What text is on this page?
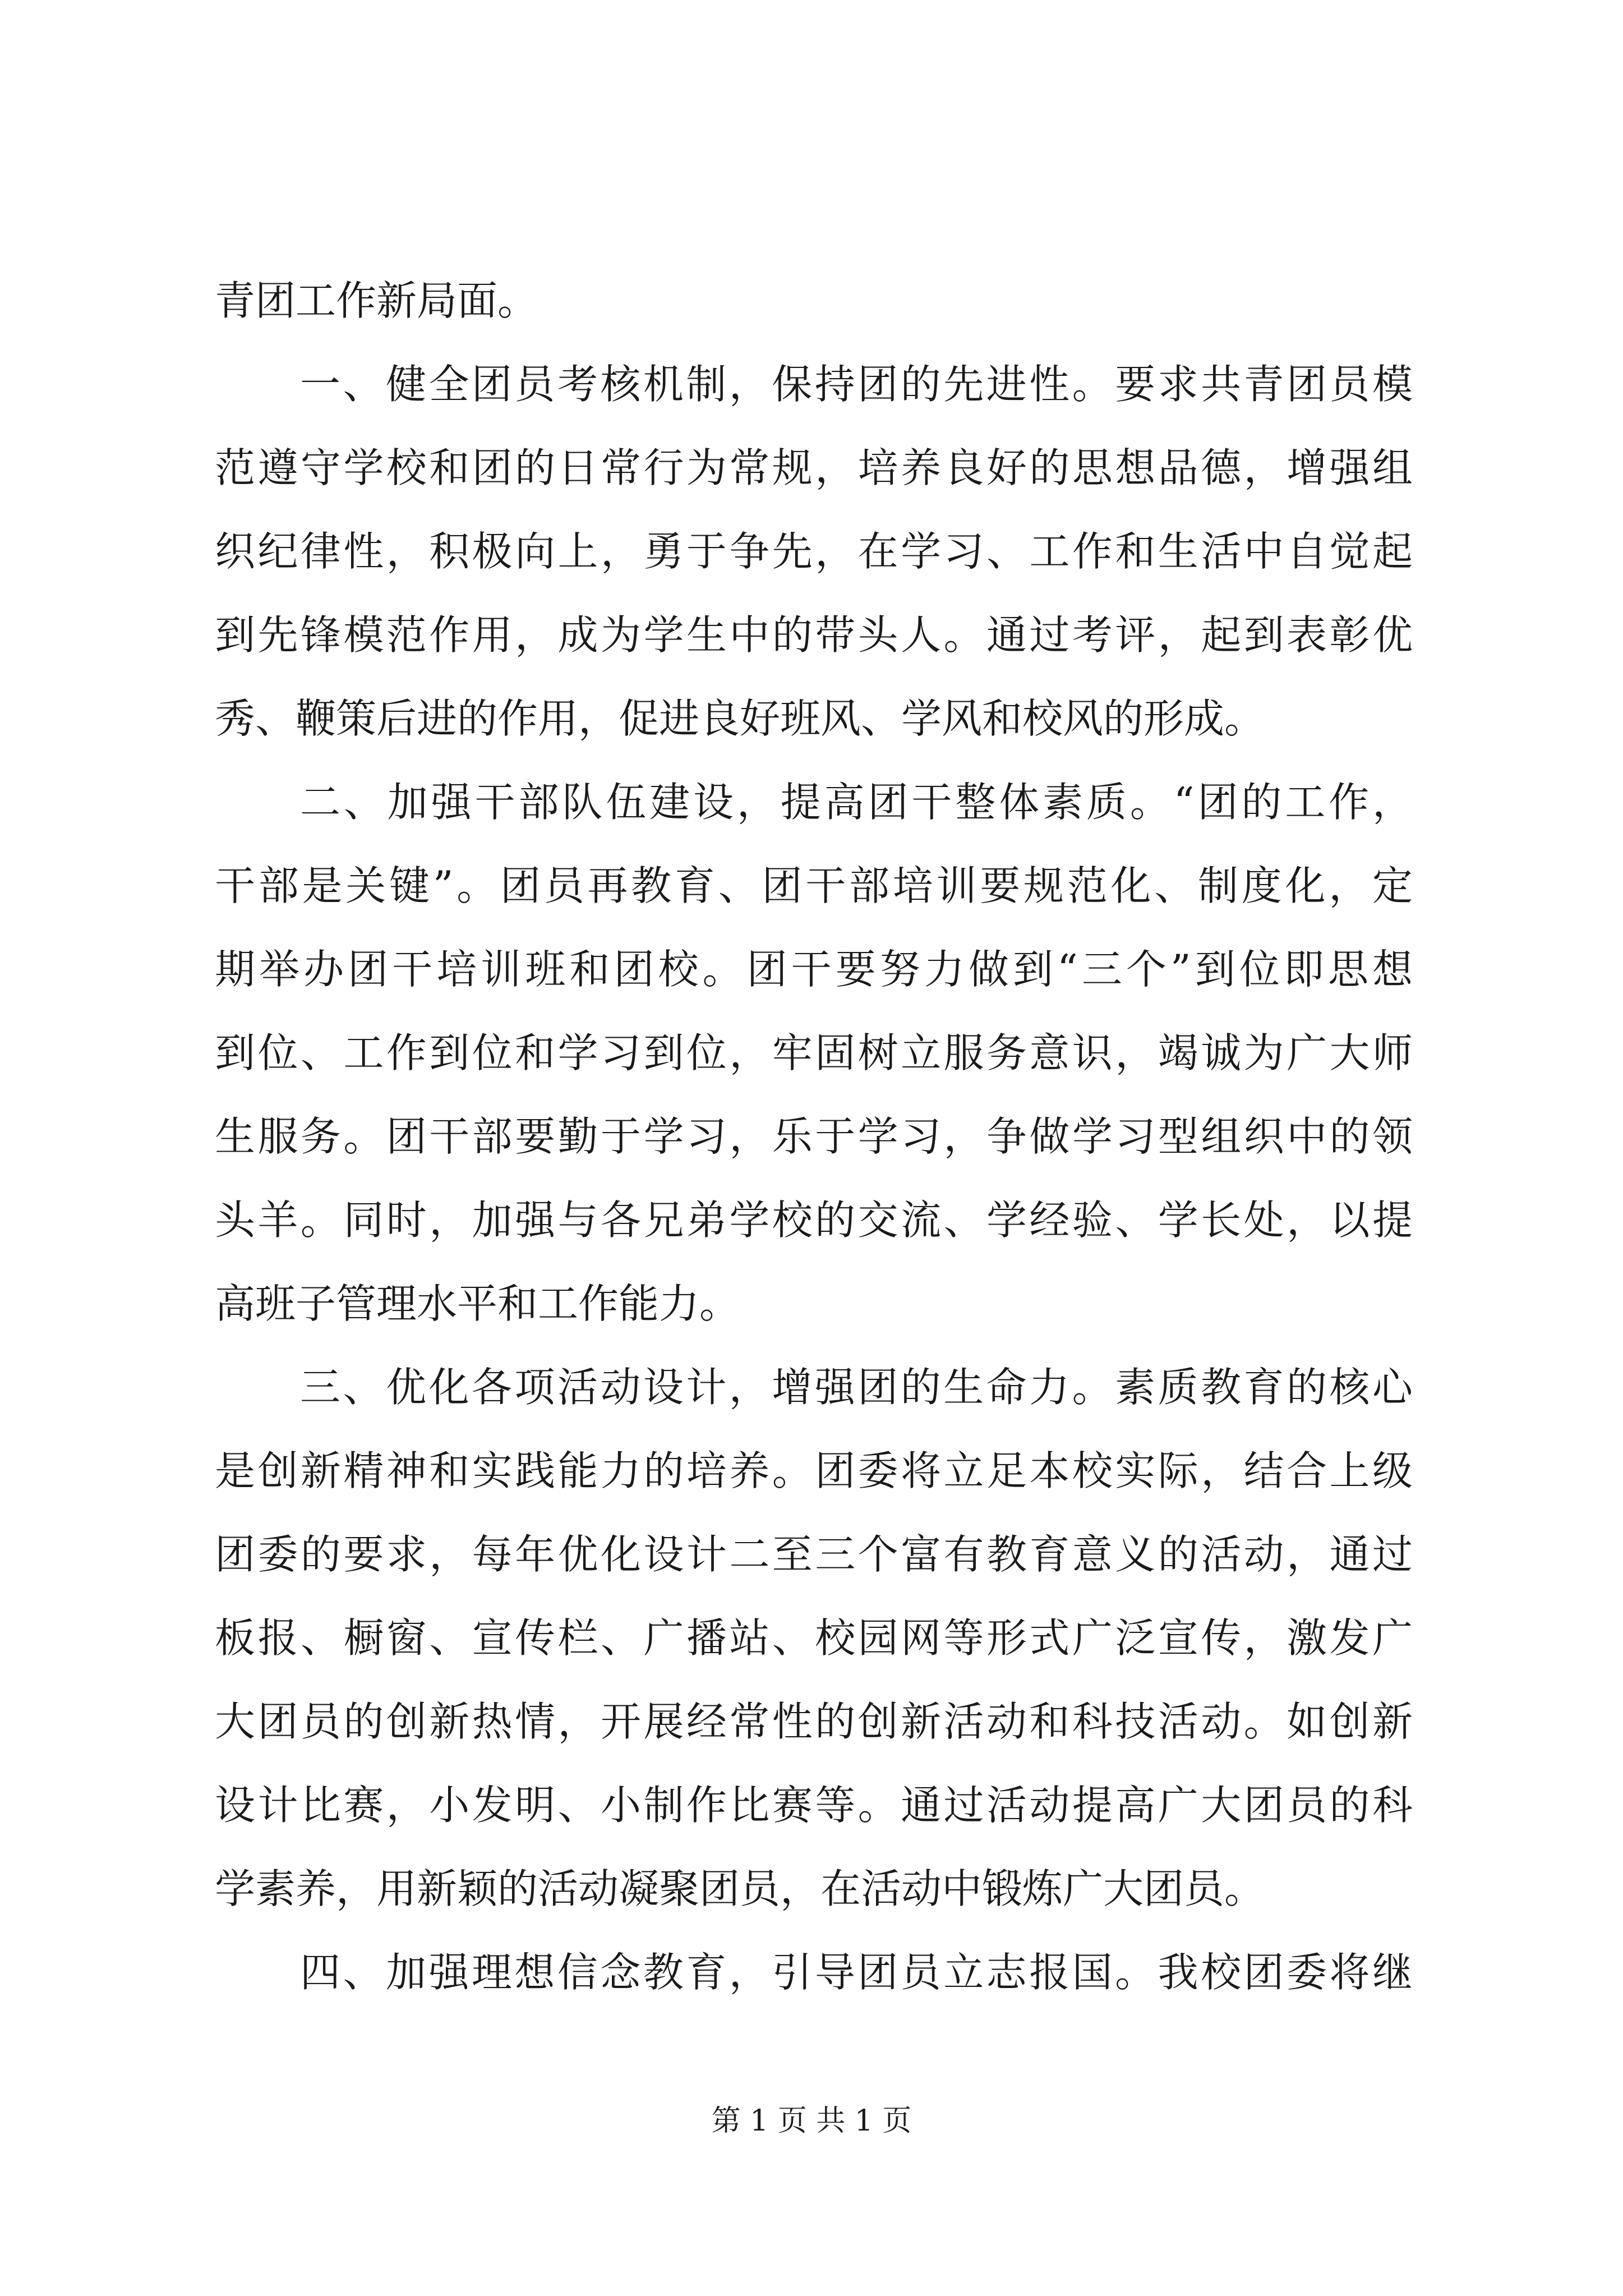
青团工作新局面。
一、健全团员考核机制，保持团的先进性。要求共青团员模
范遵守学校和团的日常行为常规，培养良好的思想品德，增强组
织纪律性，积极向上，勇于争先，在学习、工作和生活中自觉起
到先锋模范作用，成为学生中的带头人。通过考评，起到表彰优
秀、鞭策后进的作用，促进良好班风、学风和校风的形成。
二、加强干部队伍建设，提高团干整体素质。“团的工作，
干部是关键”。团员再教育、团干部培训要规范化、制度化，定
期举办团干培训班和团校。团干要努力做到“三个”到位即思想
到位、工作到位和学习到位，牢固树立服务意识，竭诚为广大师
生服务。团干部要勤于学习，乐于学习，争做学习型组织中的领
头羊。同时，加强与各兄弟学校的交流、学经验、学长处，以提
高班子管理水平和工作能力。
三、优化各项活动设计，增强团的生命力。素质教育的核心
是创新精神和实践能力的培养。团委将立足本校实际，结合上级
团委的要求，每年优化设计二至三个富有教育意义的活动，通过
板报、橱窗、宣传栏、广播站、校园网等形式广泛宣传，激发广
大团员的创新热情，开展经常性的创新活动和科技活动。如创新
设计比赛，小发明、小制作比赛等。通过活动提高广大团员的科
学素养，用新颖的活动凝聚团员，在活动中锻炼广大团员。
四、加强理想信念教育，引导团员立志报国。我校团委将继
第 1 页 共 1 页
